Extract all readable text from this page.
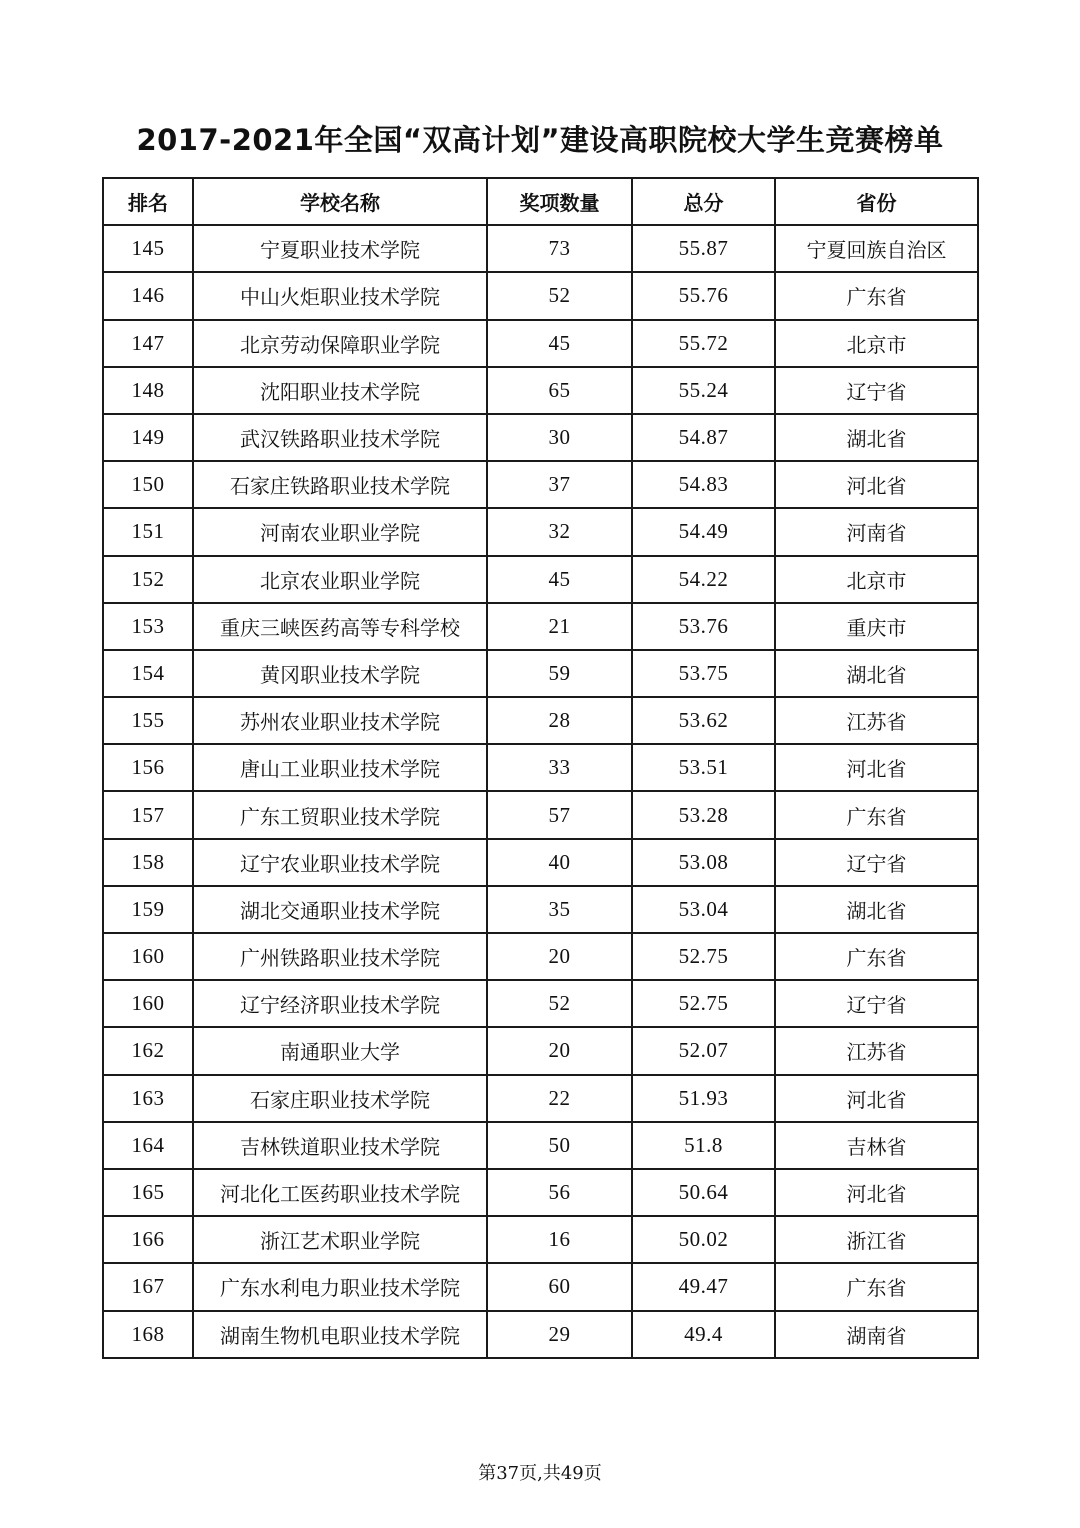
2017-2021年全国“双高计划”建设高职院校大学生竞赛榜单
排名	学校名称	奖项数量	总分	省份
145	宁夏职业技术学院	73	55.87	宁夏回族自治区
146	中山火炬职业技术学院	52	55.76	广东省
147	北京劳动保障职业学院	45	55.72	北京市
148	沈阳职业技术学院	65	55.24	辽宁省
149	武汉铁路职业技术学院	30	54.87	湖北省
150	石家庄铁路职业技术学院	37	54.83	河北省
151	河南农业职业学院	32	54.49	河南省
152	北京农业职业学院	45	54.22	北京市
153	重庆三峡医药高等专科学校	21	53.76	重庆市
154	黄冈职业技术学院	59	53.75	湖北省
155	苏州农业职业技术学院	28	53.62	江苏省
156	唐山工业职业技术学院	33	53.51	河北省
157	广东工贸职业技术学院	57	53.28	广东省
158	辽宁农业职业技术学院	40	53.08	辽宁省
159	湖北交通职业技术学院	35	53.04	湖北省
160	广州铁路职业技术学院	20	52.75	广东省
160	辽宁经济职业技术学院	52	52.75	辽宁省
162	南通职业大学	20	52.07	江苏省
163	石家庄职业技术学院	22	51.93	河北省
164	吉林铁道职业技术学院	50	51.8	吉林省
165	河北化工医药职业技术学院	56	50.64	河北省
166	浙江艺术职业学院	16	50.02	浙江省
167	广东水利电力职业技术学院	60	49.47	广东省
168	湖南生物机电职业技术学院	29	49.4	湖南省
第37页,共49页
